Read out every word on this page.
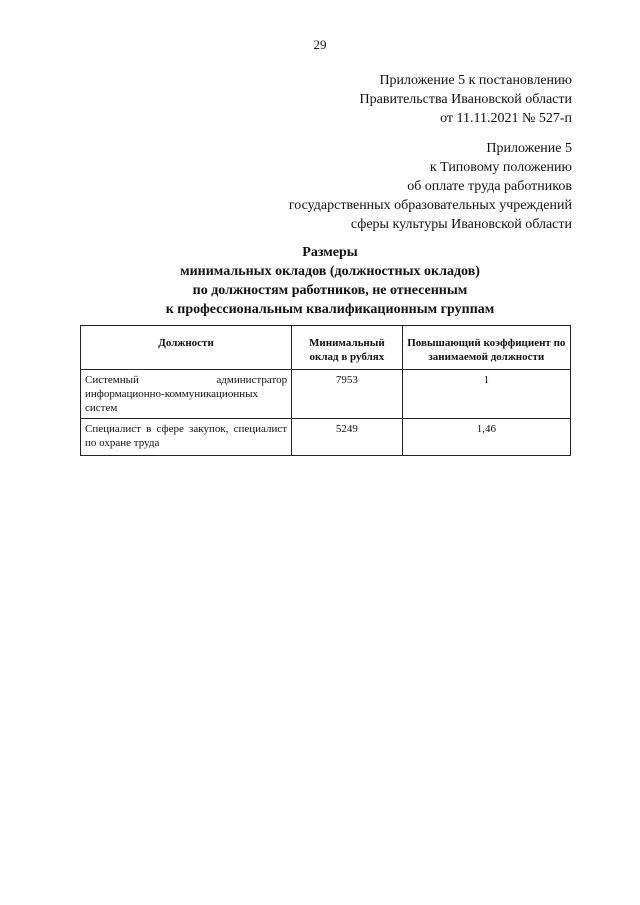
29
Приложение 5 к постановлению
Правительства Ивановской области
от 11.11.2021 № 527-п
Приложение 5
к Типовому положению
об оплате труда работников
государственных образовательных учреждений
сферы культуры Ивановской области
Размеры
минимальных окладов (должностных окладов)
по должностям работников, не отнесенным
к профессиональным квалификационным группам
Должности	Минимальный оклад в рублях	Повышающий коэффициент по занимаемой должности
Системный администратор информационно-коммуникационных систем	7953	1
Специалист в сфере закупок, специалист по охране труда	5249	1,46
